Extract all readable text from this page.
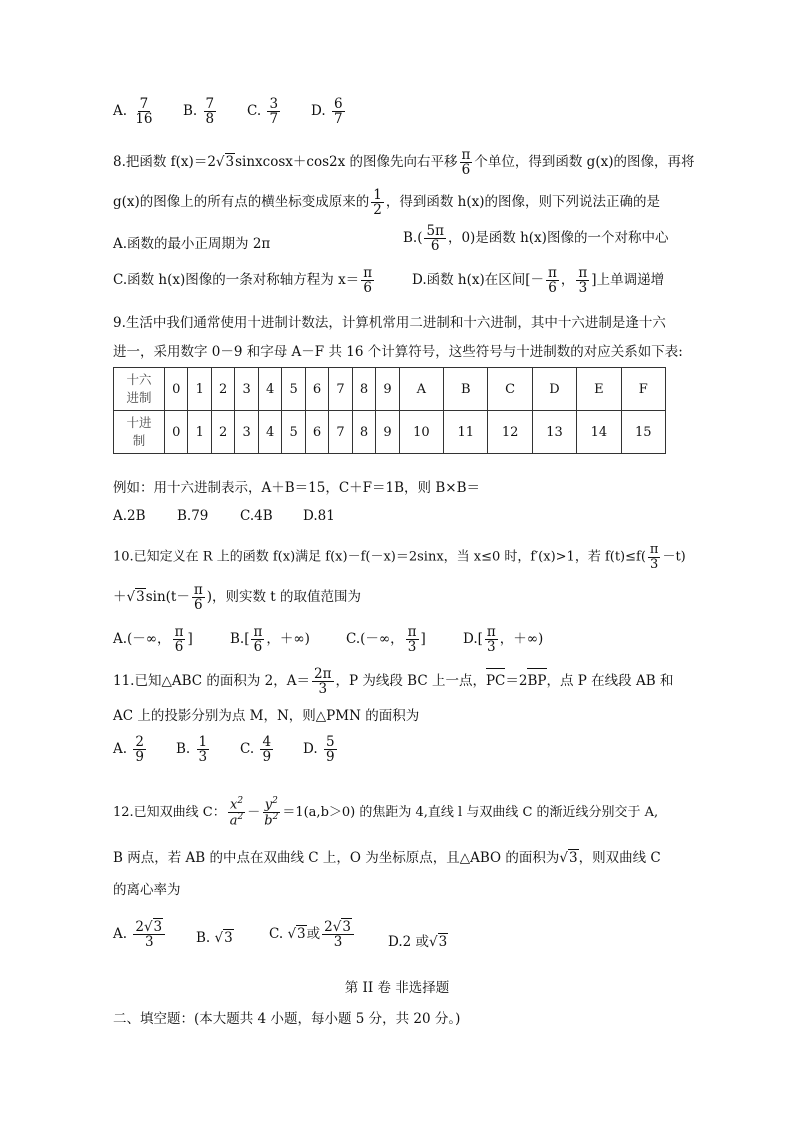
A. $\frac{7}{16} B$. $\frac{7}{8} C$. $\frac{3}{7} D$. $\frac{6}{7}$
8.把函数 f(x)＝2√3sinxcosx＋cos2x 的图像先向右平移 $\frac{\pi}{6}$ 个单位，得到函数 g(x)的图像，再将
g(x)的图像上的所有点的横坐标变成原来的 $\frac{1}{2}$ ，得到函数 h(x)的图像，则下列说法正确的是
A.函数的最小正周期为 2π	$B.( \frac{5\pi}{6}$ ，0)是函数 h(x)图像的一个对称中心
C.函数 h(x)图像的一条对称轴方程为 $x= \frac{\pi}{6}$	D.函数 h(x)在区间[－ $\frac{\pi}{6}$ ， $\frac{\pi}{3}$ ]上单调递增
9.生活中我们通常使用十进制计数法，计算机常用二进制和十六进制，其中十六进制是逢十六
进一，采用数字 0－9 和字母 A－F 共 16 个计算符号，这些符号与十进制数的对应关系如下表:
十六
进制	0	1	2	3	4	5	6	7	8	9	A	B	C	D	E	F
十进
制	0	1	2	3	4	5	6	7	8	9	10	11	12	13	14	15
例如：用十六进制表示，A＋B＝15，C＋F＝1B，则 B×B＝
A.2B B.79 C.4B D.81
10.已知定义在 R 上的函数 f(x)满足 f(x)－f(－x)＝2sinx，当 x≤0 时，f′(x)>1，若 $f(t)\le f( \frac{\pi}{3} -t)$
$+√3\sin(t- \frac{\pi}{6}$ )，则实数 t 的取值范围为
A.(－∞， $\frac{\pi}{6}$ ]	$B.[ \frac{\pi}{6}$ ，＋∞)	C.(－∞， $\frac{\pi}{3}$ ]	$D.[ \frac{\pi}{3}$ ，＋∞)
11.已知△ABC 的面积为 2，$A= \frac{2\pi}{3}$ ，P 为线段 BC 上一点，PC＝2BP，点 P 在线段 AB 和
AC 上的投影分别为点 M，N，则△PMN 的面积为
A. $\frac{2}{9} B$. $\frac{1}{3} C$. $\frac{4}{9} D$. $\frac{5}{9}$
12.已知双曲线 C： $\frac{x^2}{a^2} - \frac{y^2}{b^2} =1(a,b>0)$ 的焦距为 4,直线 l 与双曲线 C 的渐近线分别交于 A,
B 两点，若 AB 的中点在双曲线 C 上，O 为坐标原点，且△ABO 的面积为√3，则双曲线 C
的离心率为
A. $\frac{2√3}{3} B$. √3	C. √3或 $\frac{2√3}{3}$	D.2 或√3
第 II 卷 非选择题
二、填空题：(本大题共 4 小题，每小题 5 分，共 20 分。)
